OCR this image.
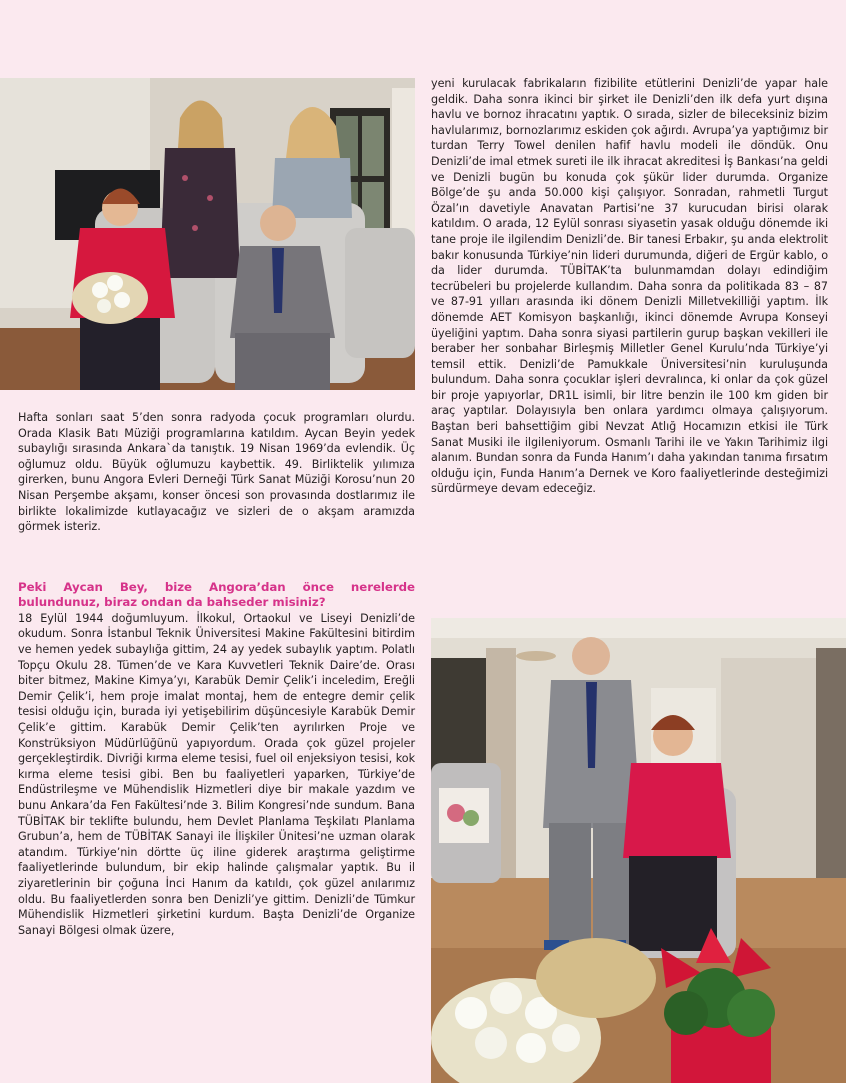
yeni kurulacak fabrikaların fizibilite etütlerini Denizli’de yapar hale geldik. Daha sonra ikinci bir şirket ile Denizli’den ilk defa yurt dışına havlu ve bornoz ihracatını yaptık. O sırada, sizler de bileceksiniz bizim havlularımız, bornozlarımız eskiden çok ağırdı. Avrupa’ya yaptığımız bir turdan Terry Towel denilen hafif havlu modeli ile döndük. Onu Denizli’de imal etmek sureti ile ilk ihracat akreditesi İş Bankası’na geldi ve Denizli bugün bu konuda çok şükür lider durumda. Organize Bölge’de şu anda 50.000 kişi çalışıyor. Sonradan, rahmetli Turgut Özal’ın davetiyle Anavatan Partisi’ne 37 kurucudan birisi olarak katıldım. O arada, 12 Eylül sonrası siyasetin yasak olduğu dönemde iki tane proje ile ilgilendim Denizli’de. Bir tanesi Erbakır, şu anda elektrolit bakır konusunda Türkiye’nin lideri durumunda, diğeri de Ergür kablo, o da lider durumda. TÜBİTAK’ta bulunmamdan dolayı edindiğim tecrübeleri bu projelerde kullandım. Daha sonra da politikada 83 – 87 ve 87-91 yılları arasında iki dönem Denizli Milletvekilliği yaptım. İlk dönemde AET Komisyon başkanlığı, ikinci dönemde Avrupa Konseyi üyeliğini yaptım. Daha sonra siyasi partilerin gurup başkan vekilleri ile beraber her sonbahar Birleşmiş Milletler Genel Kurulu’nda Türkiye’yi temsil ettik. Denizli’de Pamukkale Üniversitesi’nin kuruluşunda bulundum. Daha sonra çocuklar işleri devralınca, ki onlar da çok güzel bir proje yapıyorlar, DR1L isimli, bir litre benzin ile 100 km giden bir araç yaptılar. Dolayısıyla ben onlara yardımcı olmaya çalışıyorum. Baştan beri bahsettiğim gibi Nevzat Atlığ Hocamızın etkisi ile Türk Sanat Musiki ile ilgileniyorum. Osmanlı Tarihi ile ve Yakın Tarihimiz ilgi alanım. Bundan sonra da Funda Hanım’ı daha yakından tanıma fırsatım olduğu için, Funda Hanım’a Dernek ve Koro faaliyetlerinde desteğimizi sürdürmeye devam edeceğiz.

Hafta sonları saat 5’den sonra radyoda çocuk programları olurdu. Orada Klasik Batı Müziği programlarına katıldım. Aycan Beyin yedek subaylığı sırasında Ankara`da tanıştık. 19 Nisan 1969’da evlendik. Üç oğlumuz oldu. Büyük oğlumuzu kaybettik. 49. Birliktelik yılımıza girerken, bunu Angora Evleri Derneği Türk Sanat Müziği Korosu’nun 20 Nisan Perşembe akşamı, konser öncesi son provasında dostlarımız ile birlikte lokalimizde kutlayacağız ve sizleri de o akşam aramızda görmek isteriz.

Peki Aycan Bey, bize Angora’dan önce nerelerde bulundunuz, biraz ondan da bahseder misiniz?

18 Eylül 1944 doğumluyum. İlkokul, Ortaokul ve Liseyi Denizli’de okudum. Sonra İstanbul Teknik Üniversitesi Makine Fakültesini bitirdim ve hemen yedek subaylığa gittim, 24 ay yedek subaylık yaptım. Polatlı Topçu Okulu 28. Tümen’de ve Kara Kuvvetleri Teknik Daire’de. Orası biter bitmez, Makine Kimya’yı, Karabük Demir Çelik’i inceledim, Ereğli Demir Çelik’i, hem proje imalat montaj, hem de entegre demir çelik tesisi olduğu için, burada iyi yetişebilirim düşüncesiyle Karabük Demir Çelik’e gittim. Karabük Demir Çelik’ten ayrılırken Proje ve Konstrüksiyon Müdürlüğünü yapıyordum. Orada çok güzel projeler gerçekleştirdik. Divriği kırma eleme tesisi, fuel oil enjeksiyon tesisi, kok kırma eleme tesisi gibi. Ben bu faaliyetleri yaparken, Türkiye’de Endüstrileşme ve Mühendislik Hizmetleri diye bir makale yazdım ve bunu Ankara’da Fen Fakültesi’nde 3. Bilim Kongresi’nde sundum. Bana TÜBİTAK bir teklifte bulundu, hem Devlet Planlama Teşkilatı Planlama Grubun’a, hem de TÜBİTAK Sanayi ile İlişkiler Ünitesi’ne uzman olarak atandım. Türkiye’nin dörtte üç iline giderek araştırma geliştirme faaliyetlerinde bulundum, bir ekip halinde çalışmalar yaptık. Bu il ziyaretlerinin bir çoğuna İnci Hanım da katıldı, çok güzel anılarımız oldu. Bu faaliyetlerden sonra ben Denizli’ye gittim. Denizli’de Tümkur Mühendislik Hizmetleri şirketini kurdum. Başta Denizli’de Organize Sanayi Bölgesi olmak üzere,
